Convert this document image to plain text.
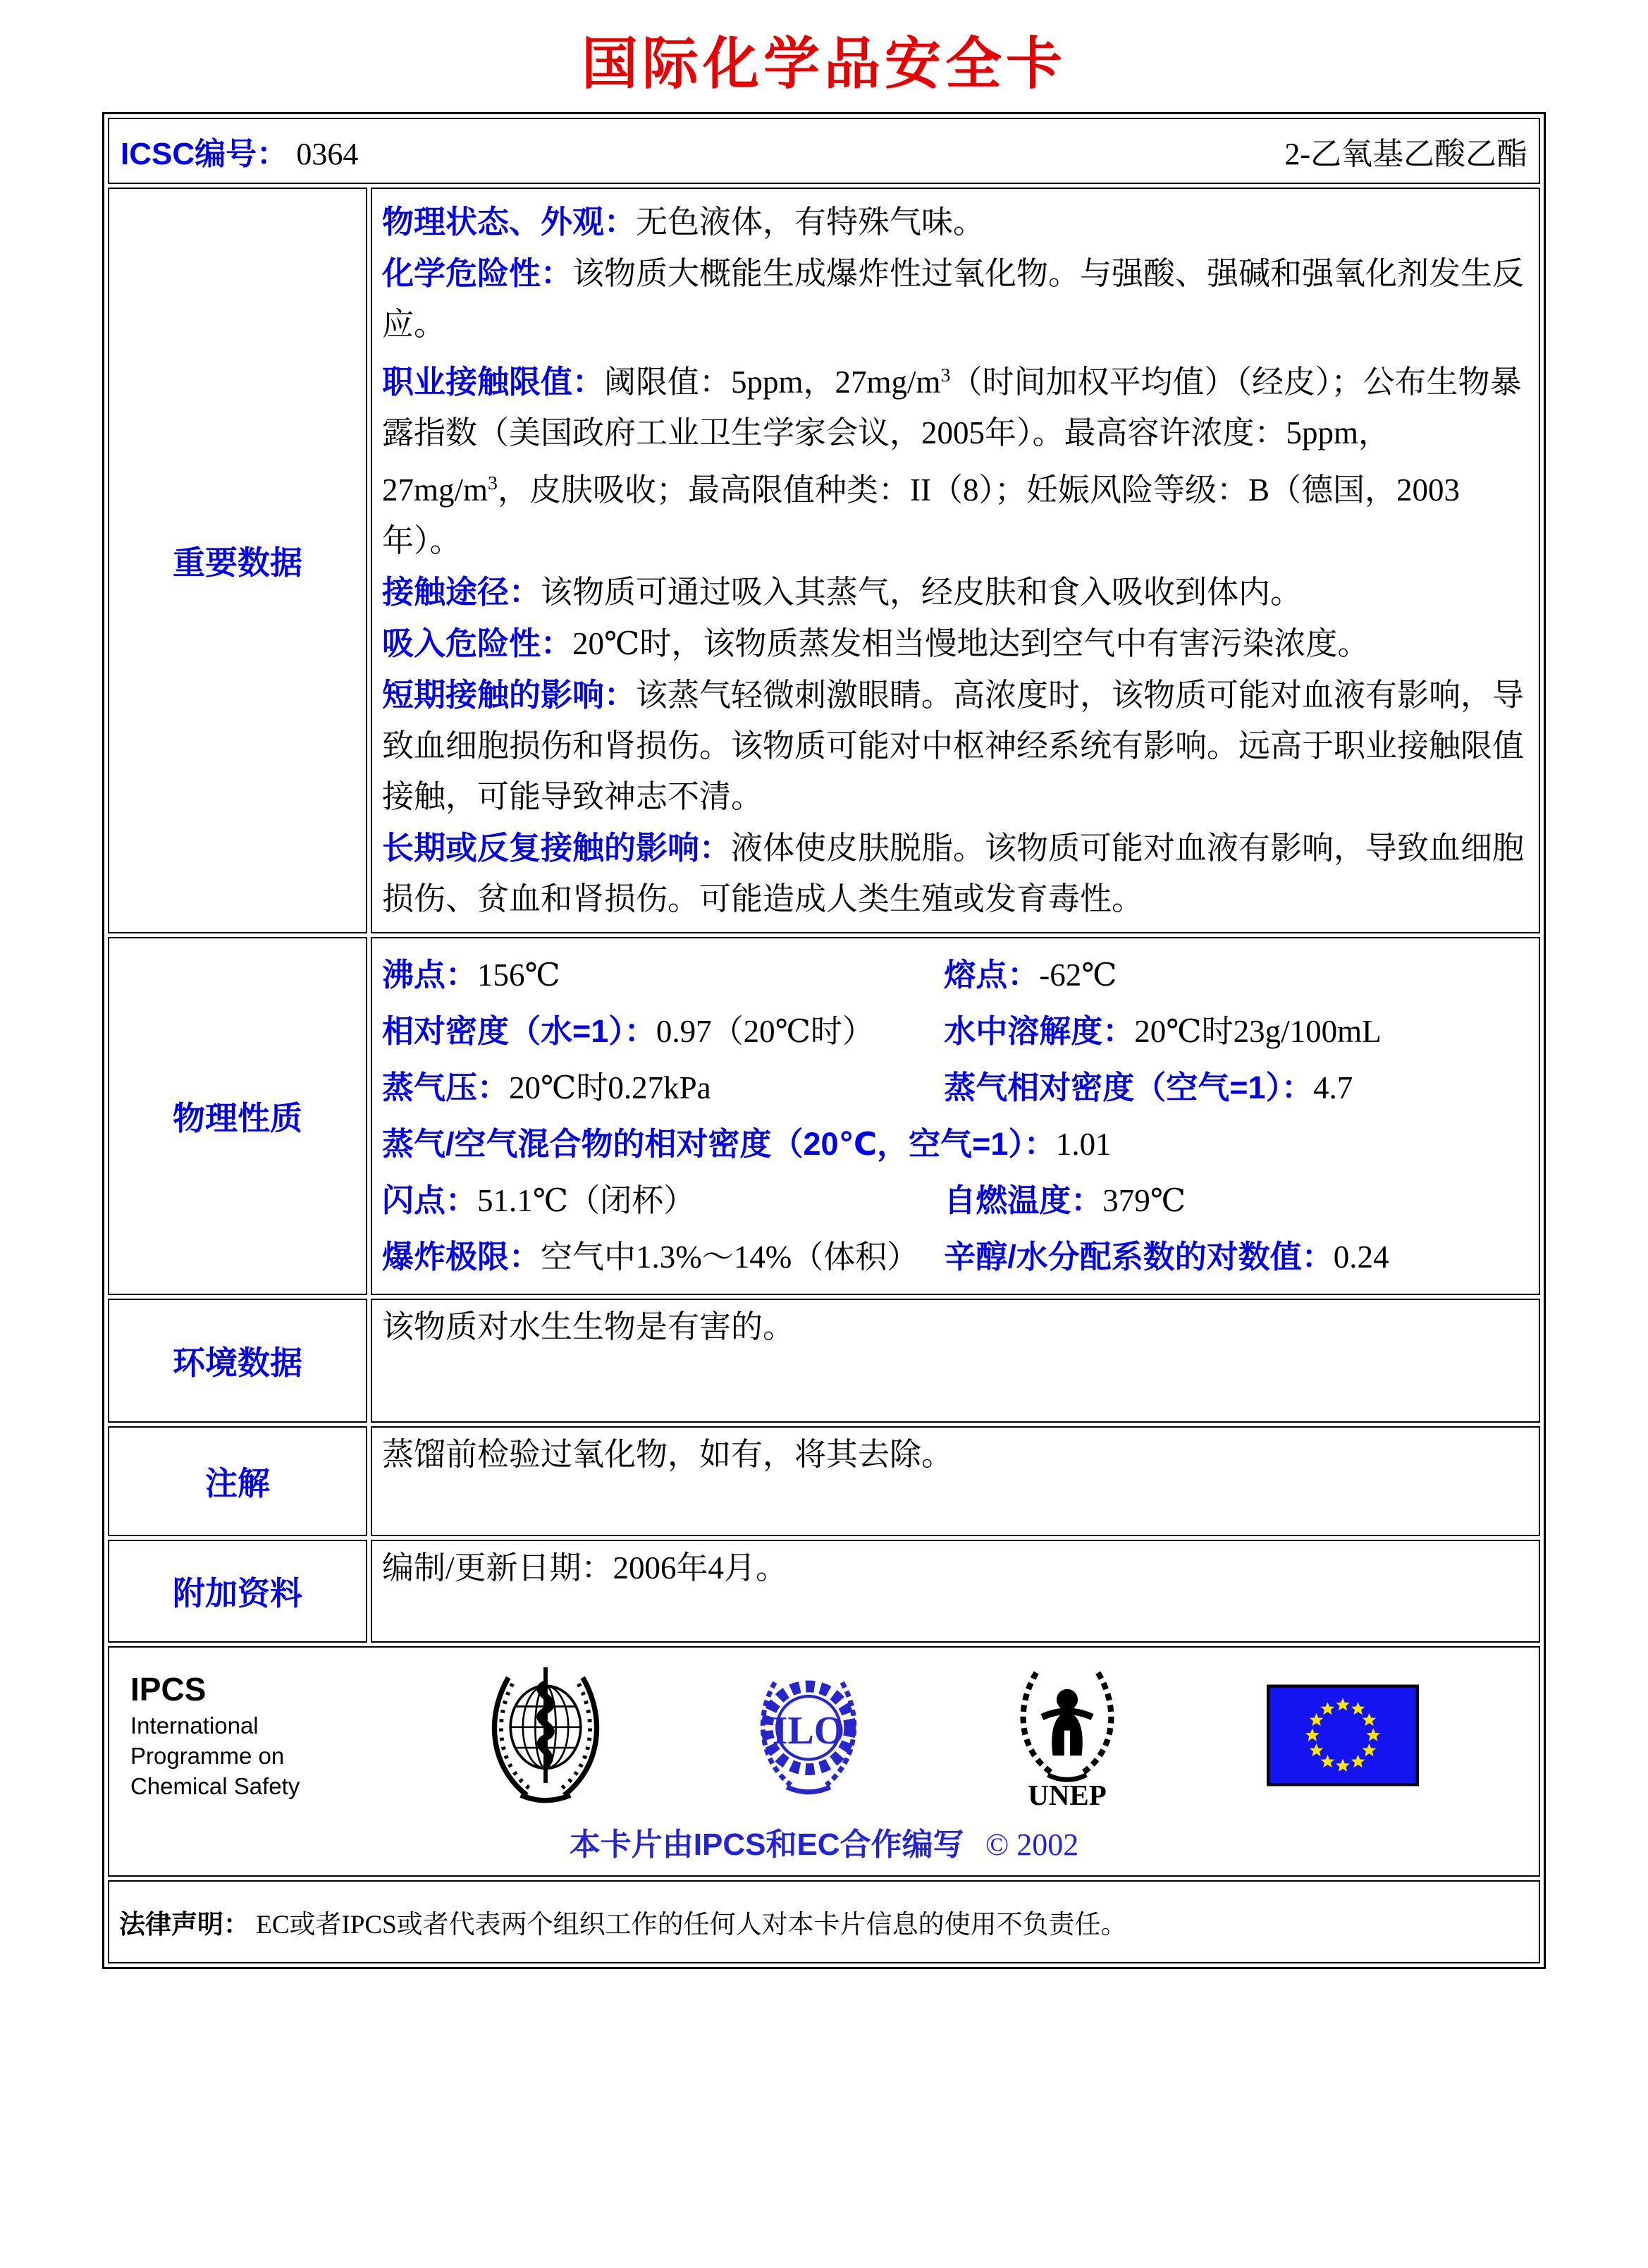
国际化学品安全卡
ICSC编号： 0364 2-乙氧基乙酸乙酯	

重要数据	
物理状态、外观：无色液体，有特殊气味。
化学危险性：该物质大概能生成爆炸性过氧化物。与强酸、强碱和强氧化剂发生反应。
职业接触限值：阈限值：5ppm，$27mg/m^3$（时间加权平均值）（经皮）；公布生物暴露指数（美国政府工业卫生学家会议，2005年）。最高容许浓度：5ppm，$27mg/m^3$，皮肤吸收；最高限值种类：II（8）；妊娠风险等级：B（德国，2003年）。
接触途径：该物质可通过吸入其蒸气，经皮肤和食入吸收到体内。
吸入危险性：20℃时，该物质蒸发相当慢地达到空气中有害污染浓度。
短期接触的影响：该蒸气轻微刺激眼睛。高浓度时，该物质可能对血液有影响，导致血细胞损伤和肾损伤。该物质可能对中枢神经系统有影响。远高于职业接触限值接触，可能导致神志不清。
长期或反复接触的影响：液体使皮肤脱脂。该物质可能对血液有影响，导致血细胞损伤、贫血和肾损伤。可能造成人类生殖或发育毒性。

物理性质	
沸点：156℃	熔点：-62℃
相对密度（水=1）：0.97（20℃时）	水中溶解度：20℃时23g/100mL
蒸气压：20℃时0.27kPa	蒸气相对密度（空气=1）：4.7
蒸气/空气混合物的相对密度（20℃，空气=1）：1.01
闪点：51.1℃（闭杯）	自燃温度：379℃
爆炸极限：空气中1.3%～14%（体积） 辛醇/水分配系数的对数值：0.24

环境数据	该物质对水生生物是有害的。

注解	蒸馏前检验过氧化物，如有，将其去除。

附加资料	编制/更新日期：2006年4月。

IPCS
International
Programme on
Chemical Safety
ILO
UNEP
本卡片由IPCS和EC合作编写 © 2002

法律声明： EC或者IPCS或者代表两个组织工作的任何人对本卡片信息的使用不负责任。	
